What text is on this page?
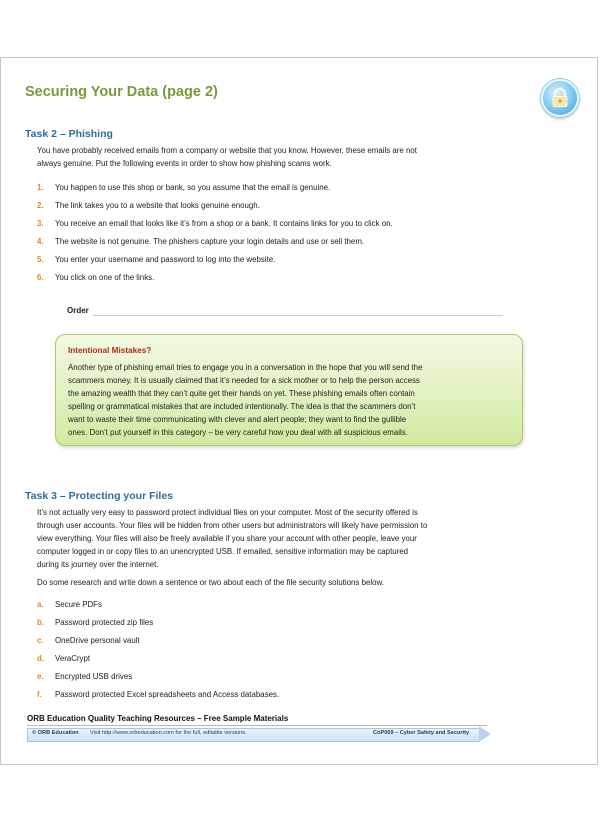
Securing Your Data (page 2)
Task 2 – Phishing
You have probably received emails from a company or website that you know. However, these emails are not
always genuine. Put the following events in order to show how phishing scams work.
1.	You happen to use this shop or bank, so you assume that the email is genuine.
2.	The link takes you to a website that looks genuine enough.
3.	You receive an email that looks like it’s from a shop or a bank. It contains links for you to click on.
4.	The website is not genuine. The phishers capture your login details and use or sell them.
5.	You enter your username and password to log into the website.
6.	You click on one of the links.
Order
Intentional Mistakes?
Another type of phishing email tries to engage you in a conversation in the hope that you will send the
scammers money. It is usually claimed that it’s needed for a sick mother or to help the person access
the amazing wealth that they can’t quite get their hands on yet. These phishing emails often contain
spelling or grammatical mistakes that are included intentionally. The idea is that the scammers don’t
want to waste their time communicating with clever and alert people; they want to find the gullible
ones. Don’t put yourself in this category – be very careful how you deal with all suspicious emails.
Task 3 – Protecting your Files
It’s not actually very easy to password protect individual files on your computer. Most of the security offered is
through user accounts. Your files will be hidden from other users but administrators will likely have permission to
view everything. Your files will also be freely available if you share your account with other people, leave your
computer logged in or copy files to an unencrypted USB. If emailed, sensitive information may be captured
during its journey over the internet.
Do some research and write down a sentence or two about each of the file security solutions below.
a.	Secure PDFs
b.	Password protected zip files
c.	OneDrive personal vault
d.	VeraCrypt
e.	Encrypted USB drives
f.	Password protected Excel spreadsheets and Access databases.
ORB Education Quality Teaching Resources – Free Sample Materials
© ORB Education Visit http://www.orbeducation.com for the full, editable versions.	CoP059 – Cyber Safety and Security
